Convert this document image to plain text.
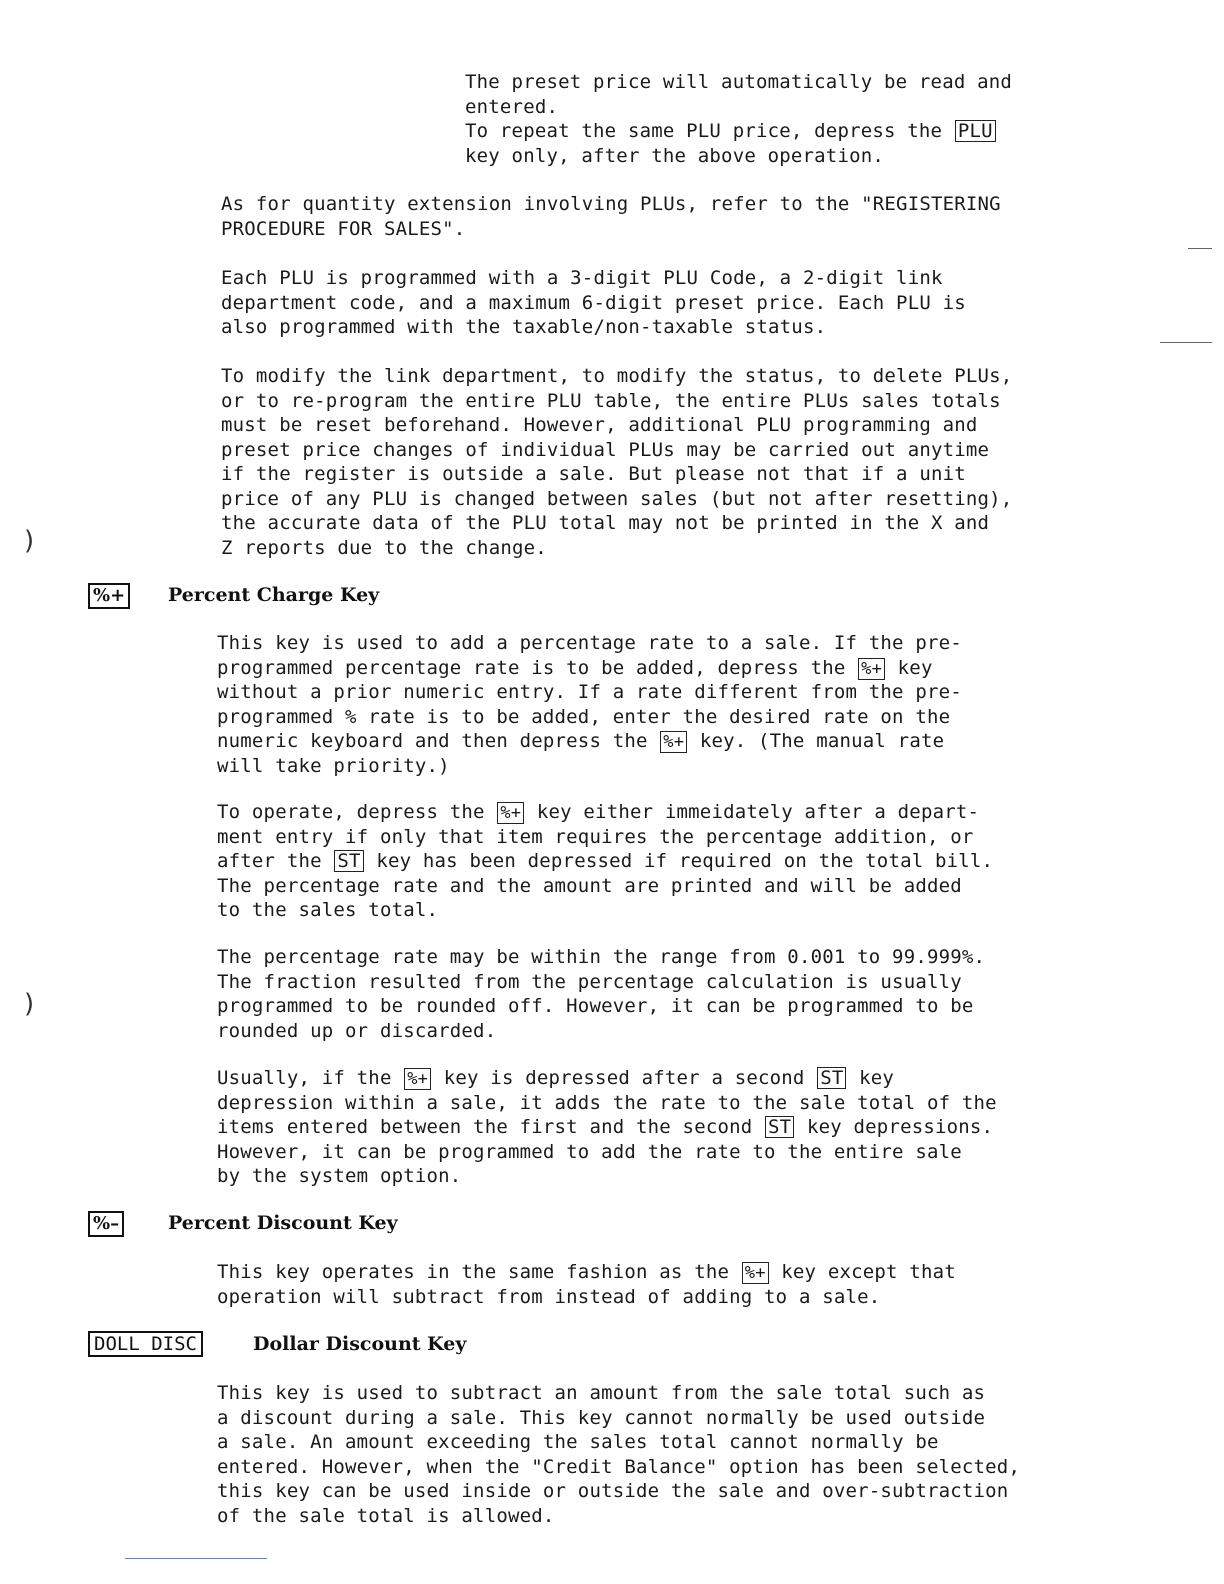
The preset price will automatically be read and
entered.
To repeat the same PLU price, depress the PLU
key only, after the above operation.
As for quantity extension involving PLUs, refer to the "REGISTERING
PROCEDURE FOR SALES".
Each PLU is programmed with a 3-digit PLU Code, a 2-digit link
department code, and a maximum 6-digit preset price. Each PLU is
also programmed with the taxable/non-taxable status.
To modify the link department, to modify the status, to delete PLUs,
or to re-program the entire PLU table, the entire PLUs sales totals
must be reset beforehand. However, additional PLU programming and
preset price changes of individual PLUs may be carried out anytime
if the register is outside a sale. But please not that if a unit
price of any PLU is changed between sales (but not after resetting),
the accurate data of the PLU total may not be printed in the X and
Z reports due to the change.
)
)
%+ Percent Charge Key
This key is used to add a percentage rate to a sale. If the pre-
programmed percentage rate is to be added, depress the %+ key
without a prior numeric entry. If a rate different from the pre-
programmed % rate is to be added, enter the desired rate on the
numeric keyboard and then depress the %+ key. (The manual rate
will take priority.)
To operate, depress the %+ key either immeidately after a depart-
ment entry if only that item requires the percentage addition, or
after the ST key has been depressed if required on the total bill.
The percentage rate and the amount are printed and will be added
to the sales total.
The percentage rate may be within the range from 0.001 to 99.999%.
The fraction resulted from the percentage calculation is usually
programmed to be rounded off. However, it can be programmed to be
rounded up or discarded.
Usually, if the %+ key is depressed after a second ST key
depression within a sale, it adds the rate to the sale total of the
items entered between the first and the second ST key depressions.
However, it can be programmed to add the rate to the entire sale
by the system option.
%–	Percent Discount Key
This key operates in the same fashion as the %+ key except that
operation will subtract from instead of adding to a sale.
DOLL DISC	Dollar Discount Key
This key is used to subtract an amount from the sale total such as
a discount during a sale. This key cannot normally be used outside
a sale. An amount exceeding the sales total cannot normally be
entered. However, when the "Credit Balance" option has been selected,
this key can be used inside or outside the sale and over-subtraction
of the sale total is allowed.
